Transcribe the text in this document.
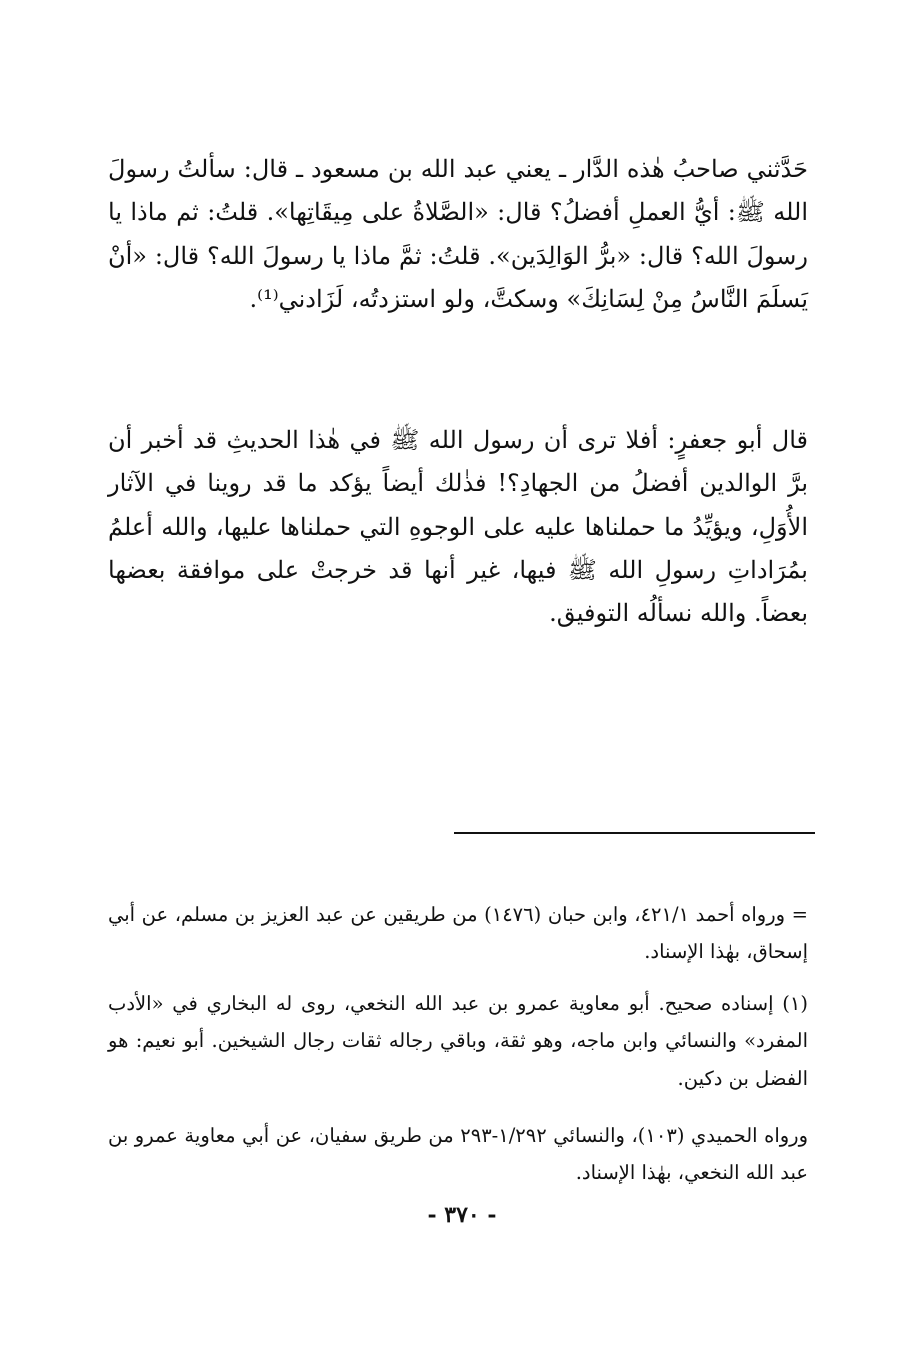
حَدَّثني صاحبُ هٰذه الدَّار ـ يعني عبد الله بن مسعود ـ قال: سألتُ رسولَ الله ﷺ: أيُّ العملِ أفضلُ؟ قال: «الصَّلاةُ على مِيقَاتِها». قلتُ: ثم ماذا يا رسولَ الله؟ قال: «برُّ الوَالِدَين». قلتُ: ثمَّ ماذا يا رسولَ الله؟ قال: «أنْ يَسلَمَ النَّاسُ مِنْ لِسَانِكَ» وسكتَّ، ولو استزدتُه، لَزَادني⁽¹⁾.

قال أبو جعفرٍ: أفلا ترى أن رسول الله ﷺ في هٰذا الحديثِ قد أخبر أن برَّ الوالدين أفضلُ من الجهادِ؟! فذٰلك أيضاً يؤكد ما قد روينا في الآثار الأُوَلِ، ويؤيِّدُ ما حملناها عليه على الوجوهِ التي حملناها عليها، والله أعلمُ بمُرَاداتِ رسولِ الله ﷺ فيها، غير أنها قد خرجتْ على موافقة بعضها بعضاً. والله نسألُه التوفيق.

= ورواه أحمد ٤٢١/١، وابن حبان (١٤٧٦) من طريقين عن عبد العزيز بن مسلم، عن أبي إسحاق، بهٰذا الإسناد.

(١) إسناده صحيح. أبو معاوية عمرو بن عبد الله النخعي، روى له البخاري في «الأدب المفرد» والنسائي وابن ماجه، وهو ثقة، وباقي رجاله ثقات رجال الشيخين. أبو نعيم: هو الفضل بن دكين.

ورواه الحميدي (١٠٣)، والنسائي ١/٢٩٢-٢٩٣ من طريق سفيان، عن أبي معاوية عمرو بن عبد الله النخعي، بهٰذا الإسناد.

- ٣٧٠ -
